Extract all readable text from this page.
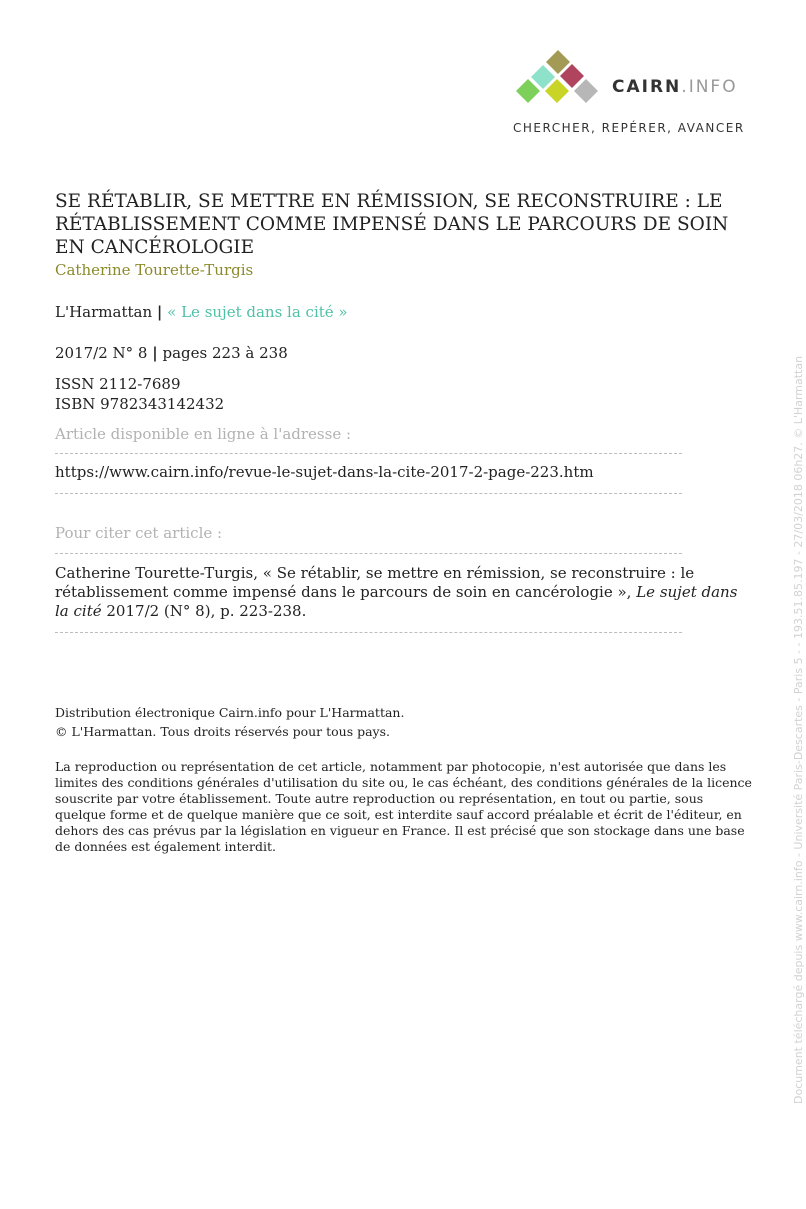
CAIRN.INFO
CHERCHER, REPÉRER, AVANCER
SE RÉTABLIR, SE METTRE EN RÉMISSION, SE RECONSTRUIRE : LE RÉTABLISSEMENT COMME IMPENSÉ DANS LE PARCOURS DE SOIN EN CANCÉROLOGIE
Catherine Tourette-Turgis
L'Harmattan | « Le sujet dans la cité »
2017/2 N° 8 | pages 223 à 238
ISSN 2112-7689
ISBN 9782343142432
Article disponible en ligne à l'adresse :
https://www.cairn.info/revue-le-sujet-dans-la-cite-2017-2-page-223.htm
Pour citer cet article :

Catherine Tourette-Turgis, « Se rétablir, se mettre en rémission, se reconstruire : le rétablissement comme impensé dans le parcours de soin en cancérologie », Le sujet dans la cité 2017/2 (N° 8), p. 223-238.

Distribution électronique Cairn.info pour L'Harmattan.
© L'Harmattan. Tous droits réservés pour tous pays.

La reproduction ou représentation de cet article, notamment par photocopie, n'est autorisée que dans les limites des conditions générales d'utilisation du site ou, le cas échéant, des conditions générales de la licence souscrite par votre établissement. Toute autre reproduction ou représentation, en tout ou partie, sous quelque forme et de quelque manière que ce soit, est interdite sauf accord préalable et écrit de l'éditeur, en dehors des cas prévus par la législation en vigueur en France. Il est précisé que son stockage dans une base de données est également interdit.	Document téléchargé depuis www.cairn.info - Université Paris-Descartes - Paris 5 - - 193.51.85.197 - 27/03/2018 06h27. © L'Harmattan
